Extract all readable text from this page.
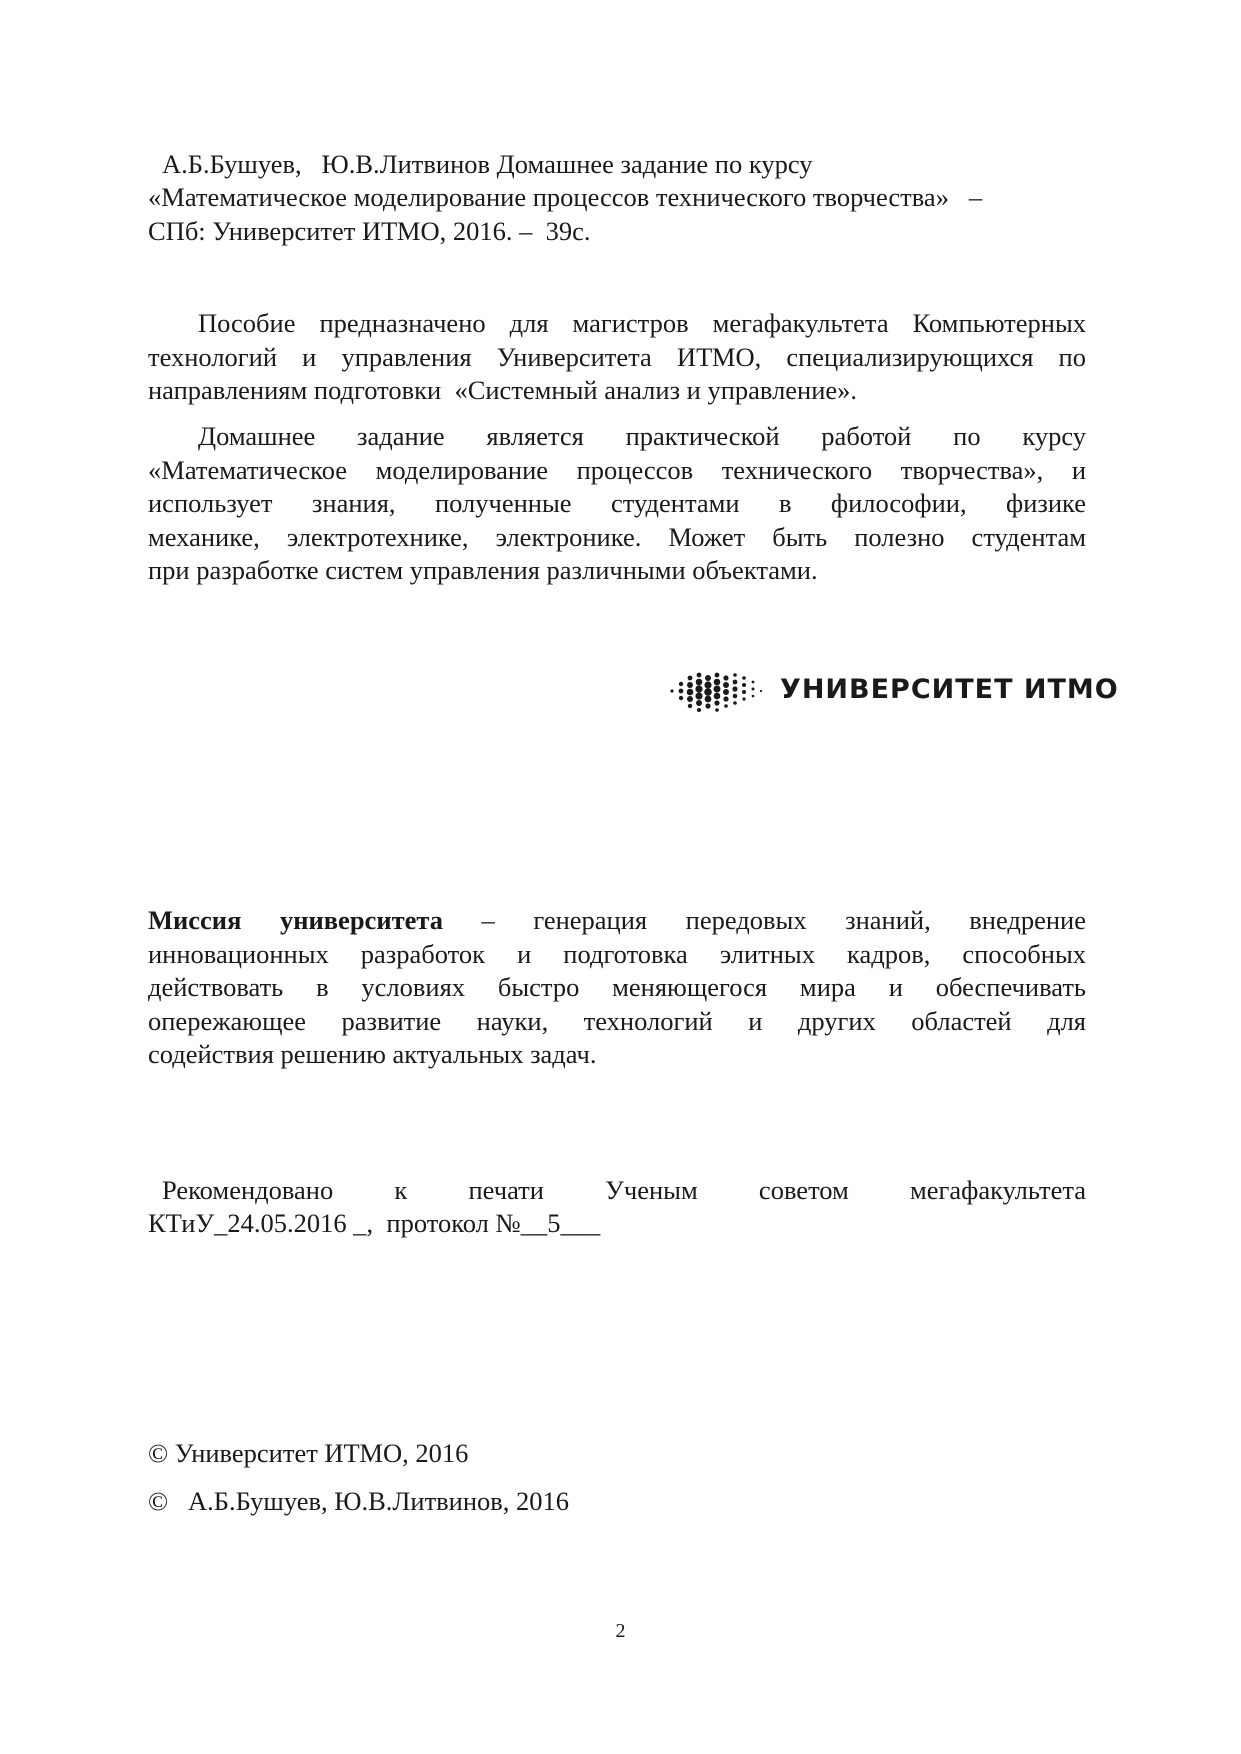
А.Б.Бушуев,   Ю.В.Литвинов Домашнее задание по курсу
«Математическое моделирование процессов технического творчества»   –
СПб: Университет ИТМО, 2016. –  39с.
Пособие предназначено для магистров мегафакультета Компьютерных
технологий и управления Университета ИТМО, специализирующихся по
направлениям подготовки  «Системный анализ и управление».
Домашнее задание является практической работой по курсу
«Математическое моделирование процессов технического творчества», и
использует знания, полученные студентами в философии, физике
механике, электротехнике, электронике. Может быть полезно студентам
при разработке систем управления различными объектами.
УНИВЕРСИТЕТ ИТМО
Миссия университета – генерация передовых знаний, внедрение
инновационных разработок и подготовка элитных кадров, способных
действовать в условиях быстро меняющегося мира и обеспечивать
опережающее развитие науки, технологий и других областей для
содействия решению актуальных задач.
Рекомендовано к печати Ученым советом мегафакультета
КТиУ_24.05.2016 _,  протокол №__5___
© Университет ИТМО, 2016
©   А.Б.Бушуев, Ю.В.Литвинов, 2016
2
